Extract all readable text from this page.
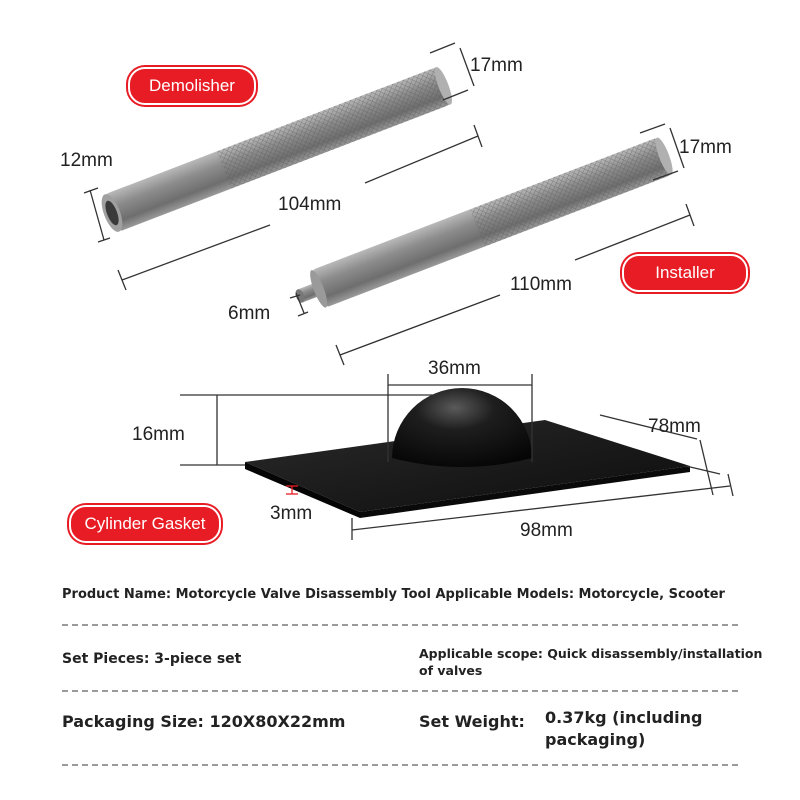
17mm
12mm
104mm
17mm
6mm
110mm
36mm
16mm	78mm
3mm
98mm
Demolisher
Installer
Cylinder Gasket
Product Name: Motorcycle Valve Disassembly Tool Applicable Models: Motorcycle, Scooter
Set Pieces: 3-piece set	Applicable scope: Quick disassembly/installation
of valves
Packaging Size: 120X80X22mm	Set Weight: 0.37kg (including
packaging)
